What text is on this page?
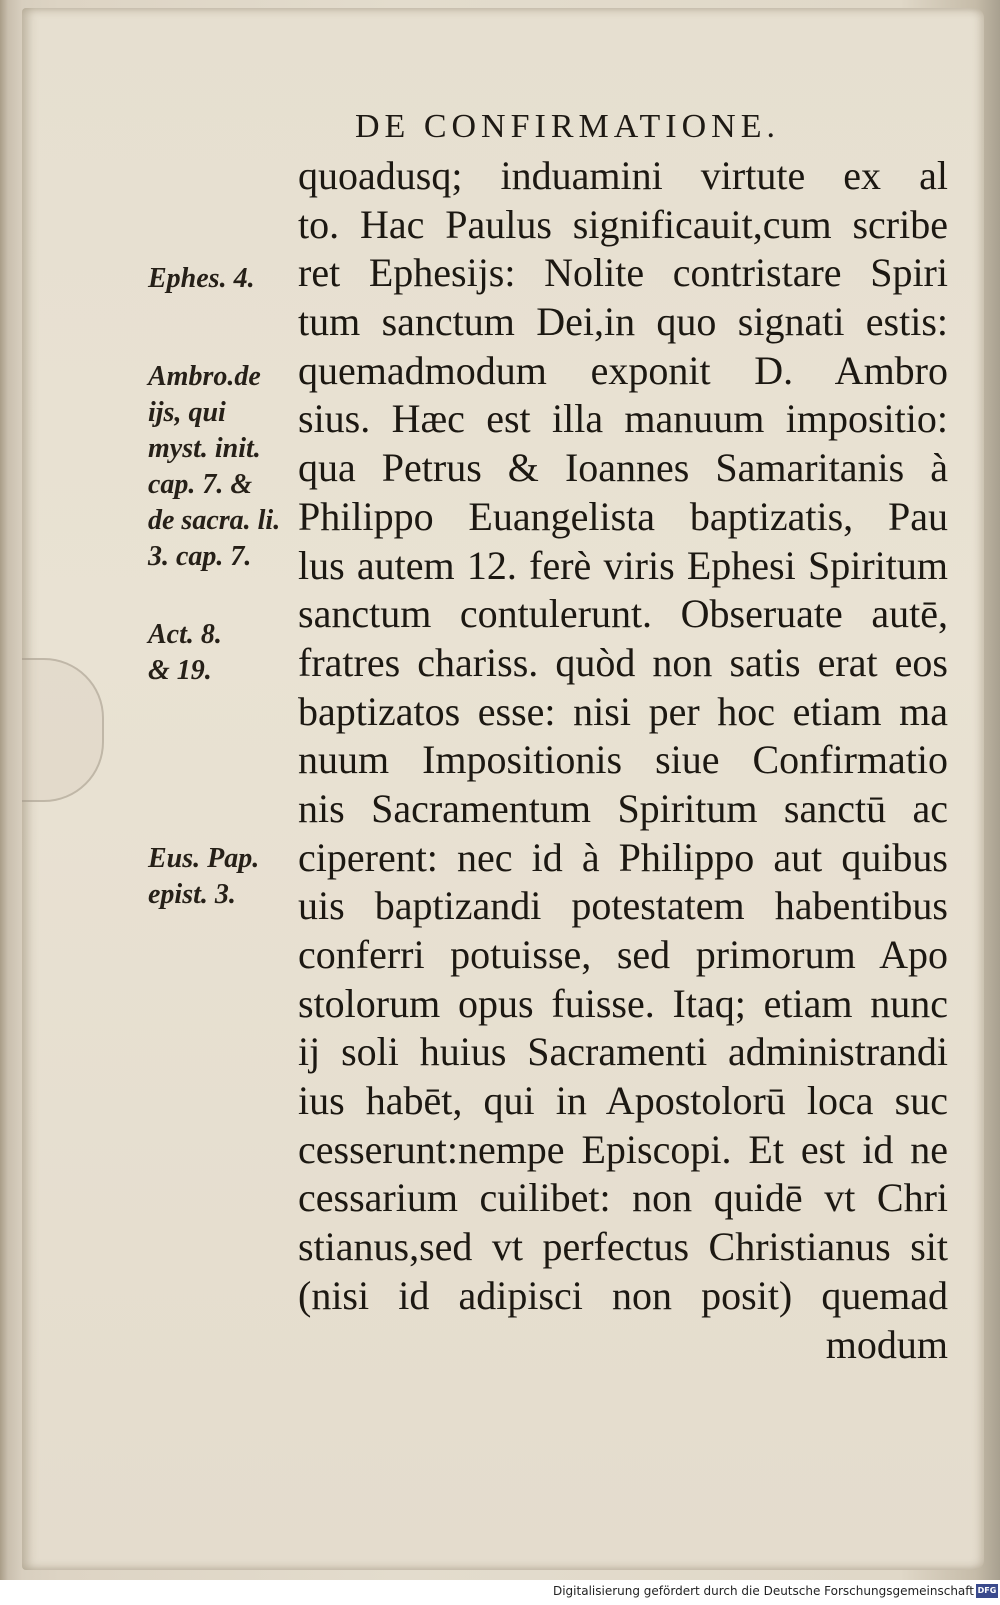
DE CONFIRMATIONE.
quoadusq; induamini virtute ex al
to. Hac Paulus significauit,cum scribe
ret Ephesijs: Nolite contristare Spiri
tum sanctum Dei,in quo signati estis:
quemadmodum exponit D. Ambro
sius. Hæc est illa manuum impositio:
qua Petrus & Ioannes Samaritanis à
Philippo Euangelista baptizatis, Pau
lus autem 12. ferè viris Ephesi Spiritum
sanctum contulerunt. Obseruate autē,
fratres chariss. quòd non satis erat eos
baptizatos esse: nisi per hoc etiam ma
nuum Impositionis siue Confirmatio
nis Sacramentum Spiritum sanctū ac
ciperent: nec id à Philippo aut quibus
uis baptizandi potestatem habentibus
conferri potuisse, sed primorum Apo
stolorum opus fuisse. Itaq; etiam nunc
ij soli huius Sacramenti administrandi
ius habēt, qui in Apostolorū loca suc
cesserunt:nempe Episcopi. Et est id ne
cessarium cuilibet: non quidē vt Chri
stianus,sed vt perfectus Christianus sit
(nisi id adipisci non posit) quemad
modum
Ephes. 4.
Ambro.de
ijs, qui
myst. init.
cap. 7. &
de sacra. li.
3. cap. 7.
Act. 8.
& 19.
Eus. Pap.
epist. 3.
Digitalisierung gefördert durch die Deutsche Forschungsgemeinschaft DFG
